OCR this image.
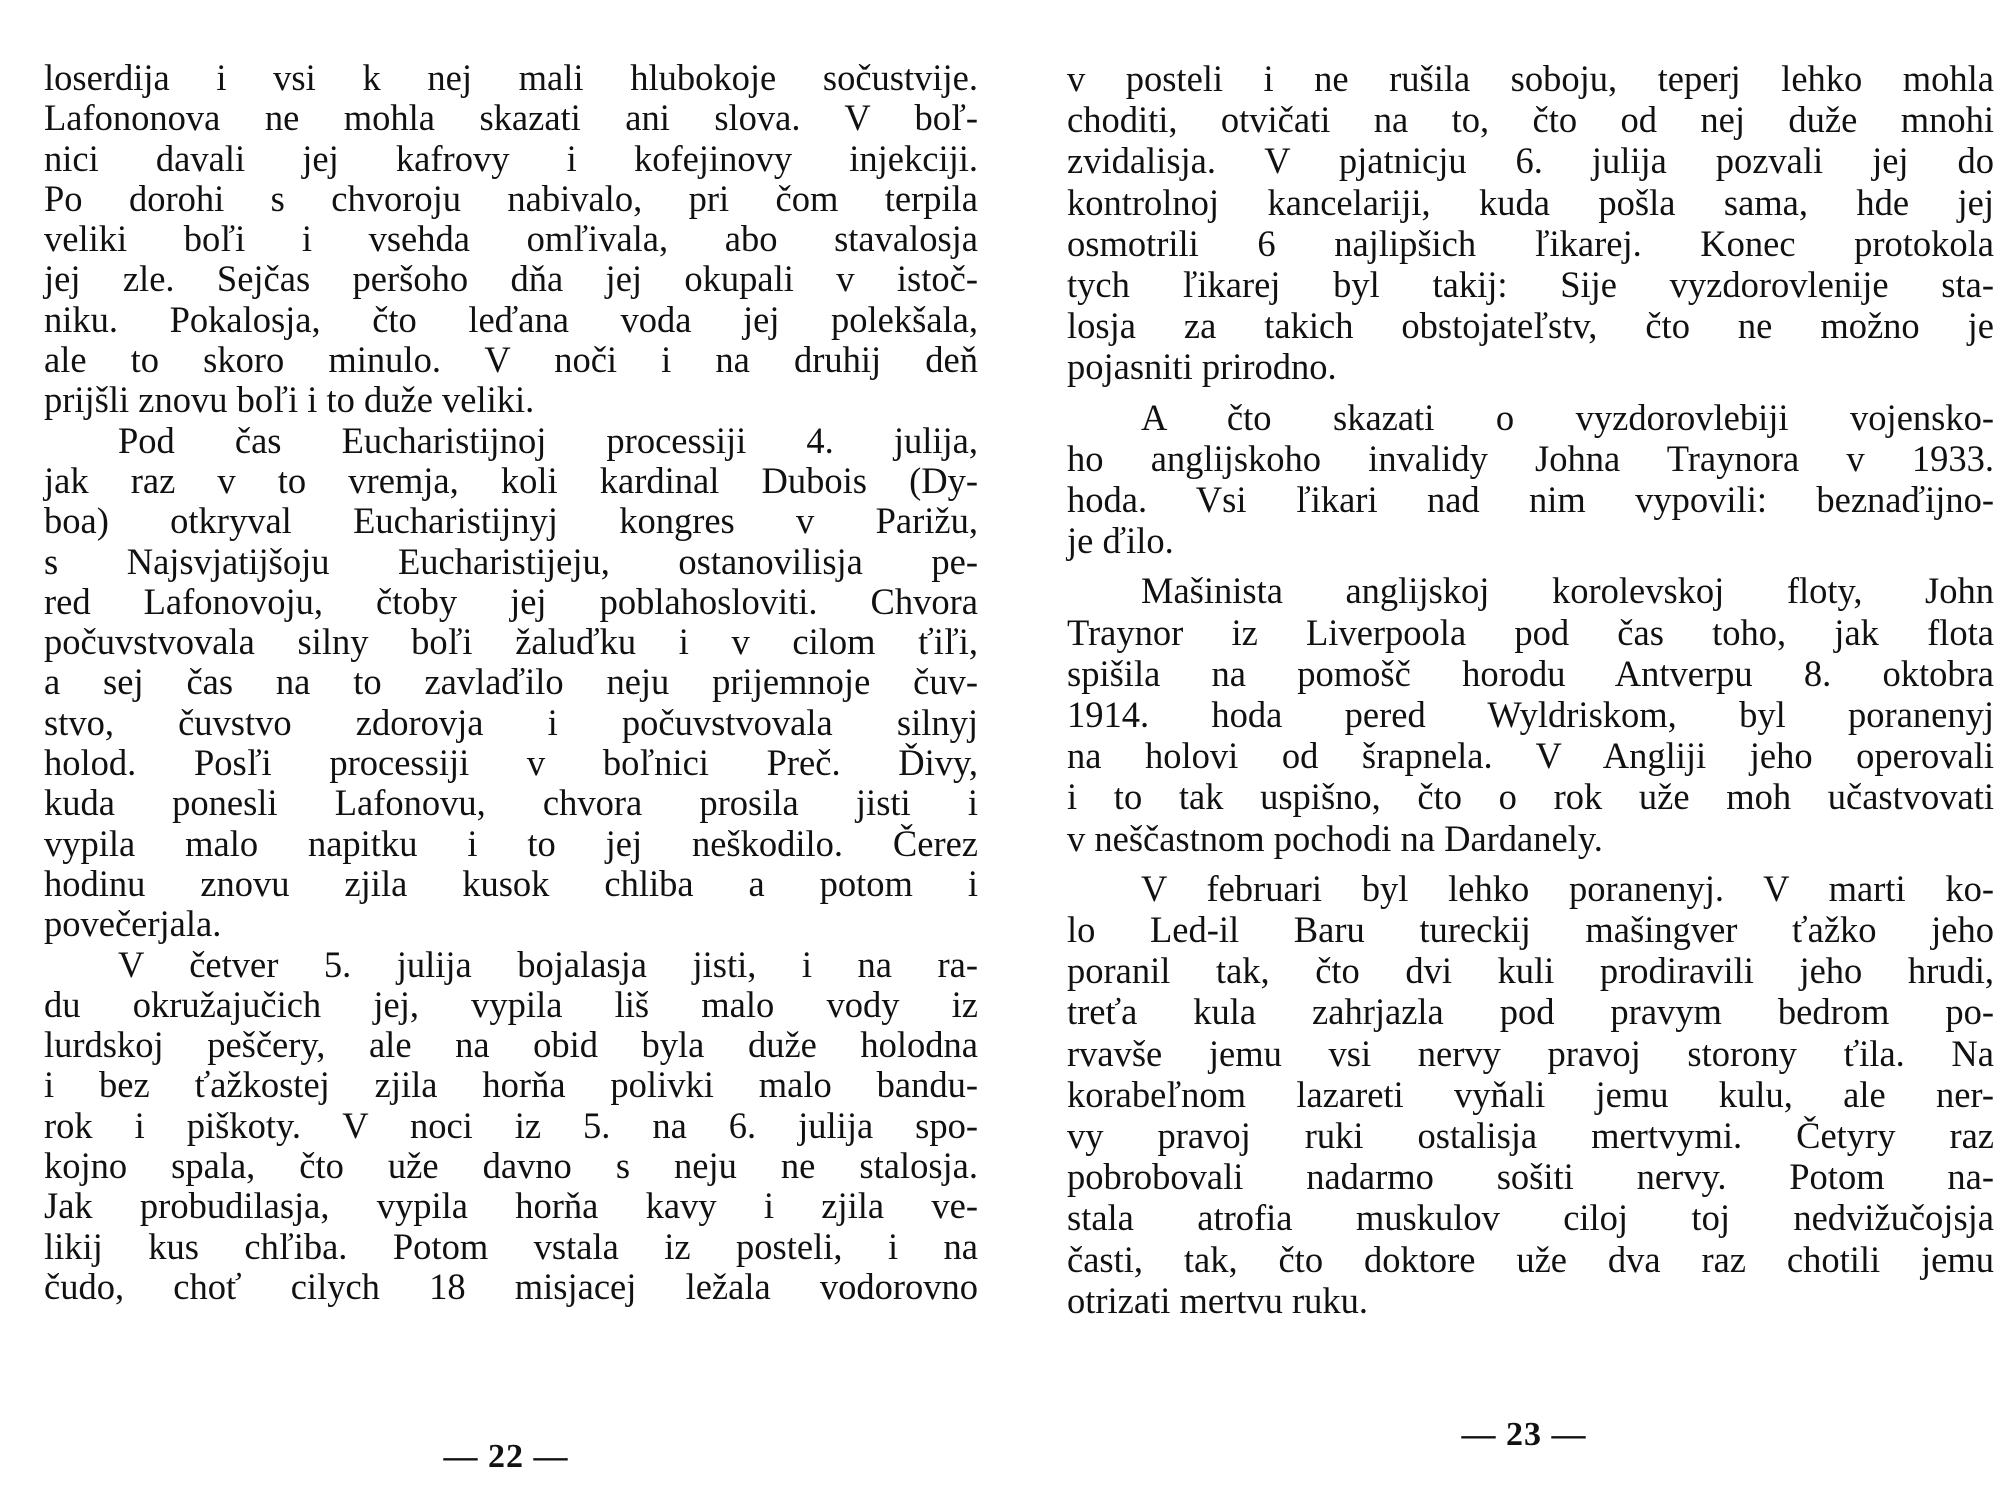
loserdija i vsi k nej mali hlubokoje sočustvije.
Lafononova ne mohla skazati ani slova. V boľ-
nici davali jej kafrovy i kofejinovy injekciji.
Po dorohi s chvoroju nabivalo, pri čom terpila
veliki boľi i vsehda omľivala, abo stavalosja
jej zle. Sejčas peršoho dňa jej okupali v istoč-
niku. Pokalosja, čto leďana voda jej polekšala,
ale to skoro minulo. V noči i na druhij deň
prijšli znovu boľi i to duže veliki.

Pod čas Eucharistijnoj processiji 4. julija,
jak raz v to vremja, koli kardinal Dubois (Dy-
boa) otkryval Eucharistijnyj kongres v Parižu,
s Najsvjatijšoju Eucharistijeju, ostanovilisja pe-
red Lafonovoju, čtoby jej poblahosloviti. Chvora
počuvstvovala silny boľi žaluďku i v cilom ťiľi,
a sej čas na to zavlaďilo neju prijemnoje čuv-
stvo, čuvstvo zdorovja i počuvstvovala silnyj
holod. Posľi processiji v boľnici Preč. Ďivy,
kuda ponesli Lafonovu, chvora prosila jisti i
vypila malo napitku i to jej neškodilo. Čerez
hodinu znovu zjila kusok chliba a potom i
povečerjala.

V četver 5. julija bojalasja jisti, i na ra-
du okružajučich jej, vypila liš malo vody iz
lurdskoj peščery, ale na obid byla duže holodna
i bez ťažkostej zjila horňa polivki malo bandu-
rok i piškoty. V noci iz 5. na 6. julija spo-
kojno spala, čto uže davno s neju ne stalosja.
Jak probudilasja, vypila horňa kavy i zjila ve-
likij kus chľiba. Potom vstala iz posteli, i na
čudo, choť cilych 18 misjacej ležala vodorovno

— 22 —

v posteli i ne rušila soboju, teperj lehko mohla
choditi, otvičati na to, čto od nej duže mnohi
zvidalisja. V pjatnicju 6. julija pozvali jej do
kontrolnoj kancelariji, kuda pošla sama, hde jej
osmotrili 6 najlipšich ľikarej. Konec protokola
tych ľikarej byl takij: Sije vyzdorovlenije sta-
losja za takich obstojateľstv, čto ne možno je
pojasniti prirodno.

A čto skazati o vyzdorovlebiji vojensko-
ho anglijskoho invalidy Johna Traynora v 1933.
hoda. Vsi ľikari nad nim vypovili: beznaďijno-
je ďilo.

Mašinista anglijskoj korolevskoj floty, John
Traynor iz Liverpoola pod čas toho, jak flota
spišila na pomošč horodu Antverpu 8. oktobra
1914. hoda pered Wyldriskom, byl poranenyj
na holovi od šrapnela. V Angliji jeho operovali
i to tak uspišno, čto o rok uže moh učastvovati
v neščastnom pochodi na Dardanely.

V februari byl lehko poranenyj. V marti ko-
lo Led-il Baru tureckij mašingver ťažko jeho
poranil tak, čto dvi kuli prodiravili jeho hrudi,
treťa kula zahrjazla pod pravym bedrom po-
rvavše jemu vsi nervy pravoj storony ťila. Na
korabeľnom lazareti vyňali jemu kulu, ale ner-
vy pravoj ruki ostalisja mertvymi. Četyry raz
pobrobovali nadarmo sošiti nervy. Potom na-
stala atrofia muskulov ciloj toj nedvižučojsja
časti, tak, čto doktore uže dva raz chotili jemu
otrizati mertvu ruku.

— 23 —
